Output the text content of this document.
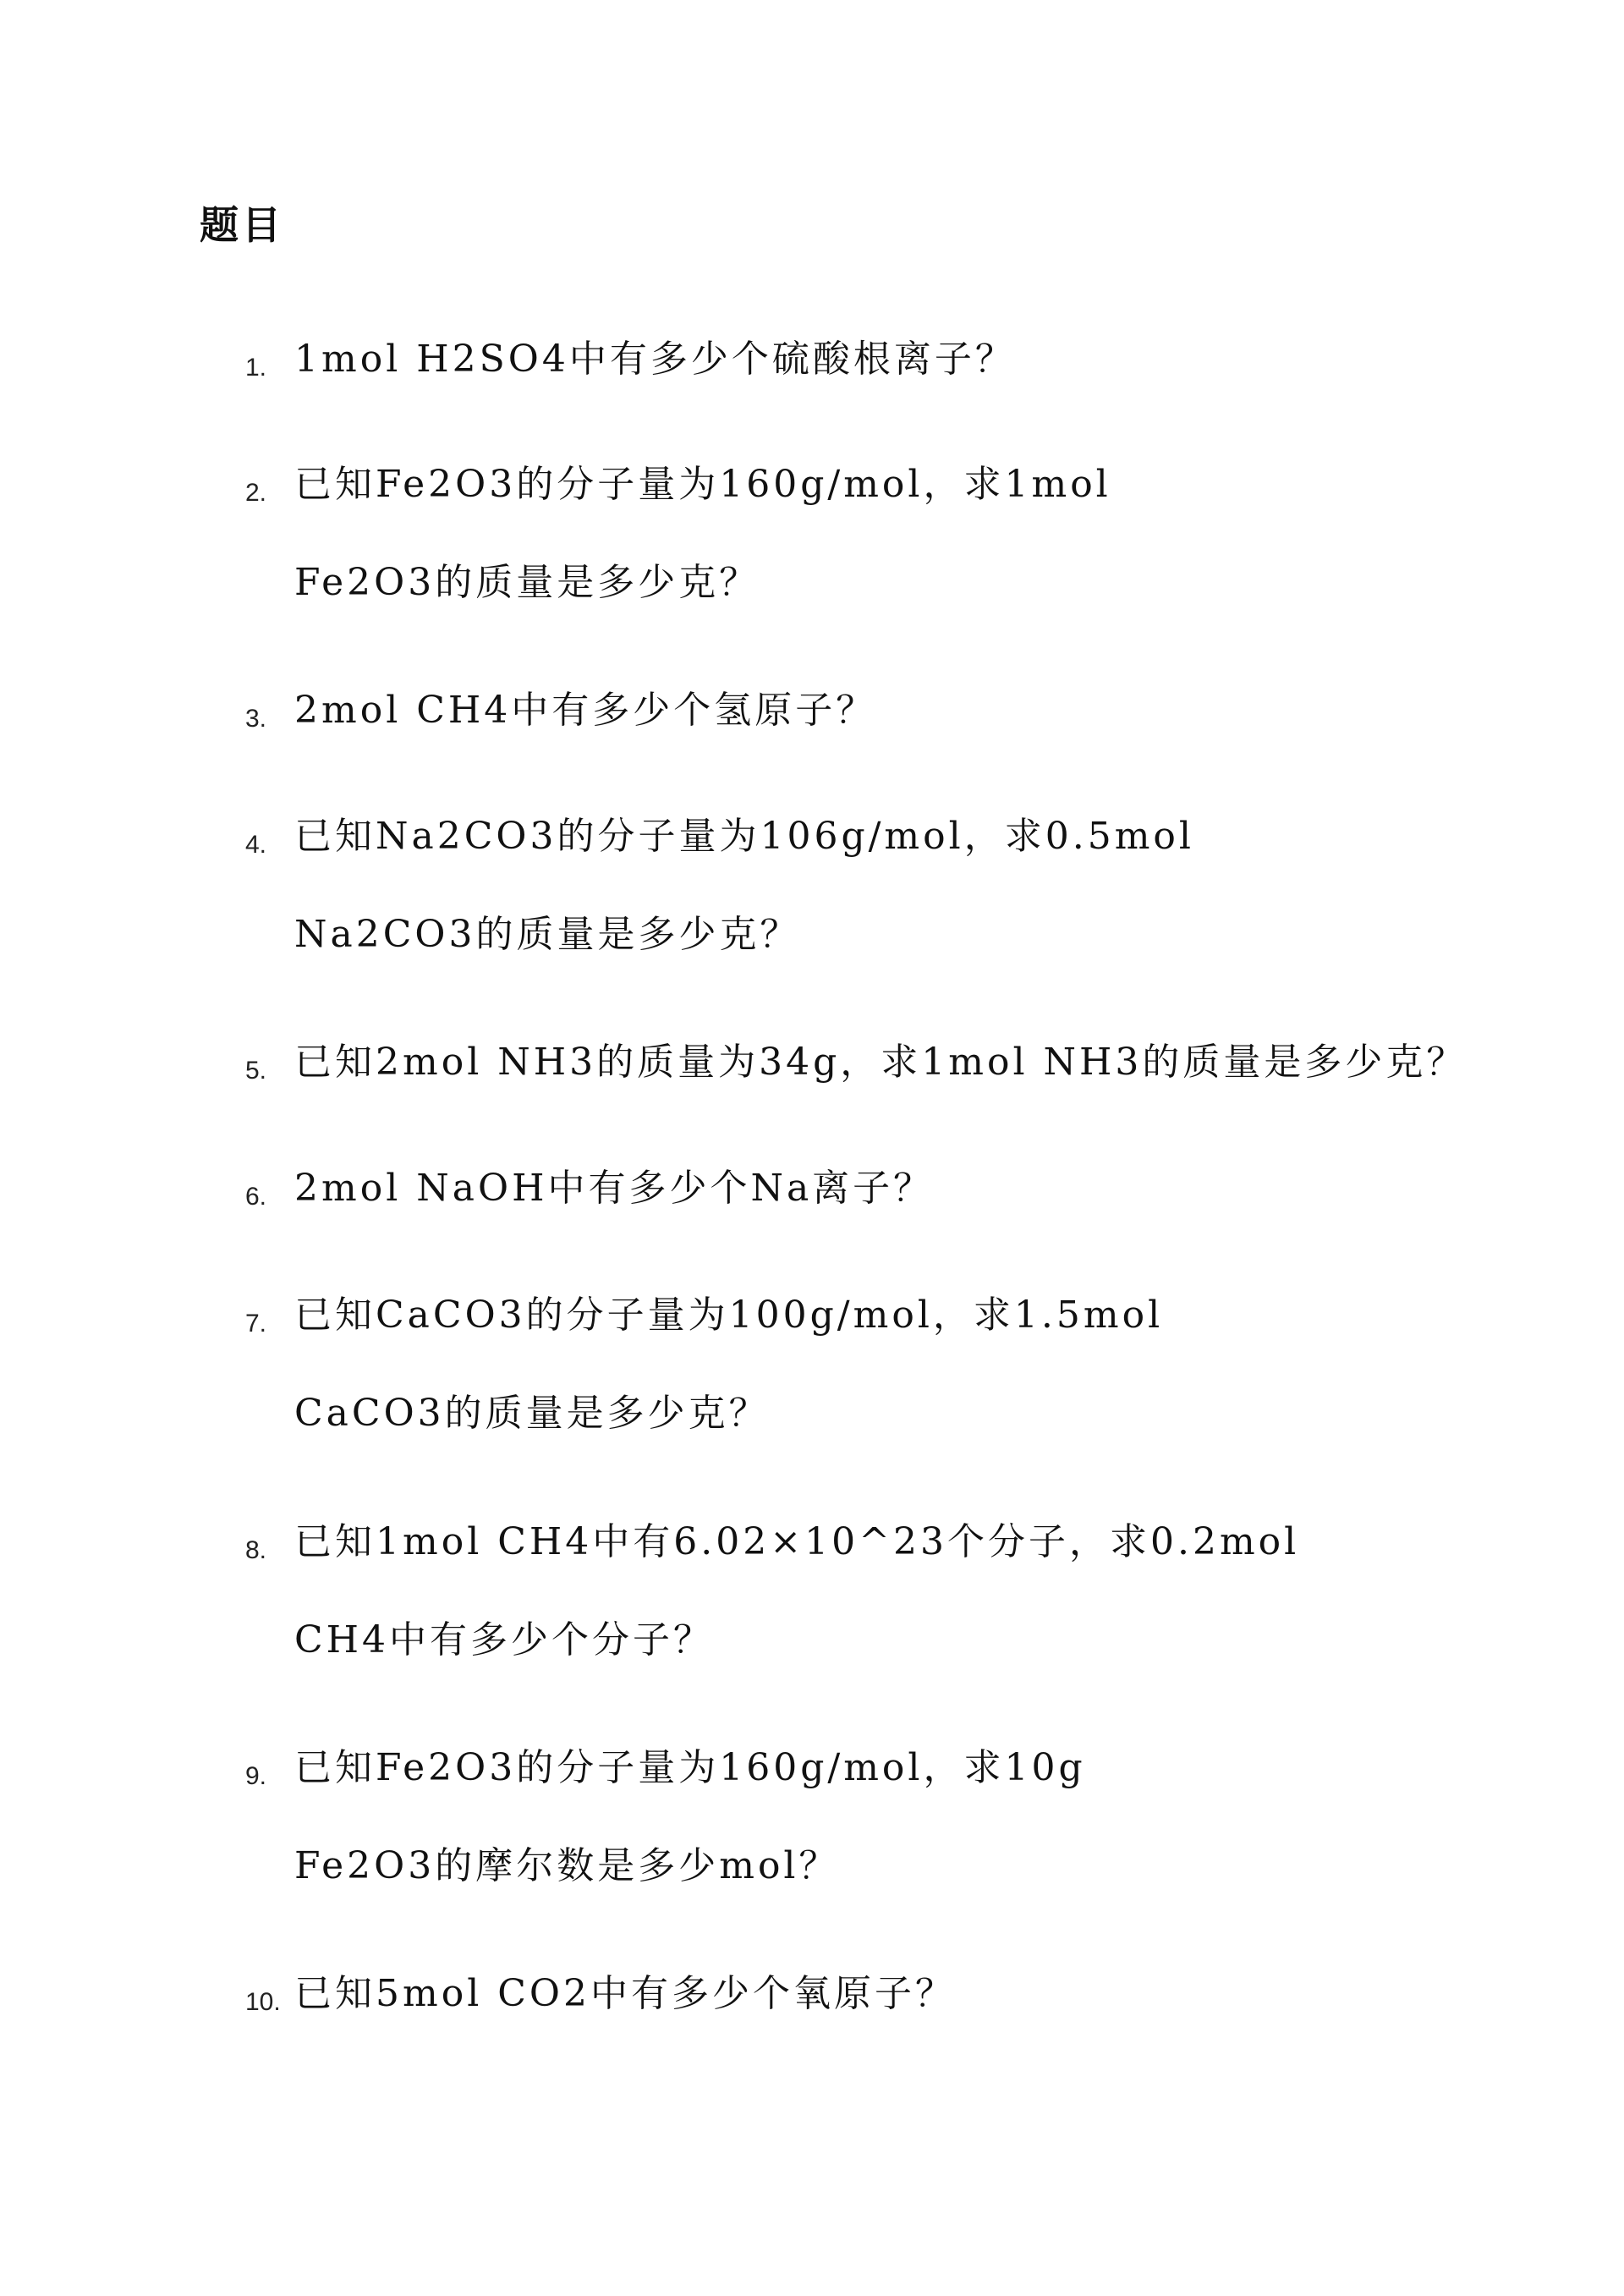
题目
1. 1mol H2SO4中有多少个硫酸根离子？
2. 已知Fe2O3的分子量为160g/mol，求1mol
Fe2O3的质量是多少克？
3. 2mol CH4中有多少个氢原子？
4. 已知Na2CO3的分子量为106g/mol，求0.5mol
Na2CO3的质量是多少克？
5. 已知2mol NH3的质量为34g，求1mol NH3的质量是多少克？
6. 2mol NaOH中有多少个Na离子？
7. 已知CaCO3的分子量为100g/mol，求1.5mol
CaCO3的质量是多少克？
8. 已知1mol CH4中有6.02×10^23个分子，求0.2mol
CH4中有多少个分子？
9. 已知Fe2O3的分子量为160g/mol，求10g
Fe2O3的摩尔数是多少mol？
10. 已知5mol CO2中有多少个氧原子？
